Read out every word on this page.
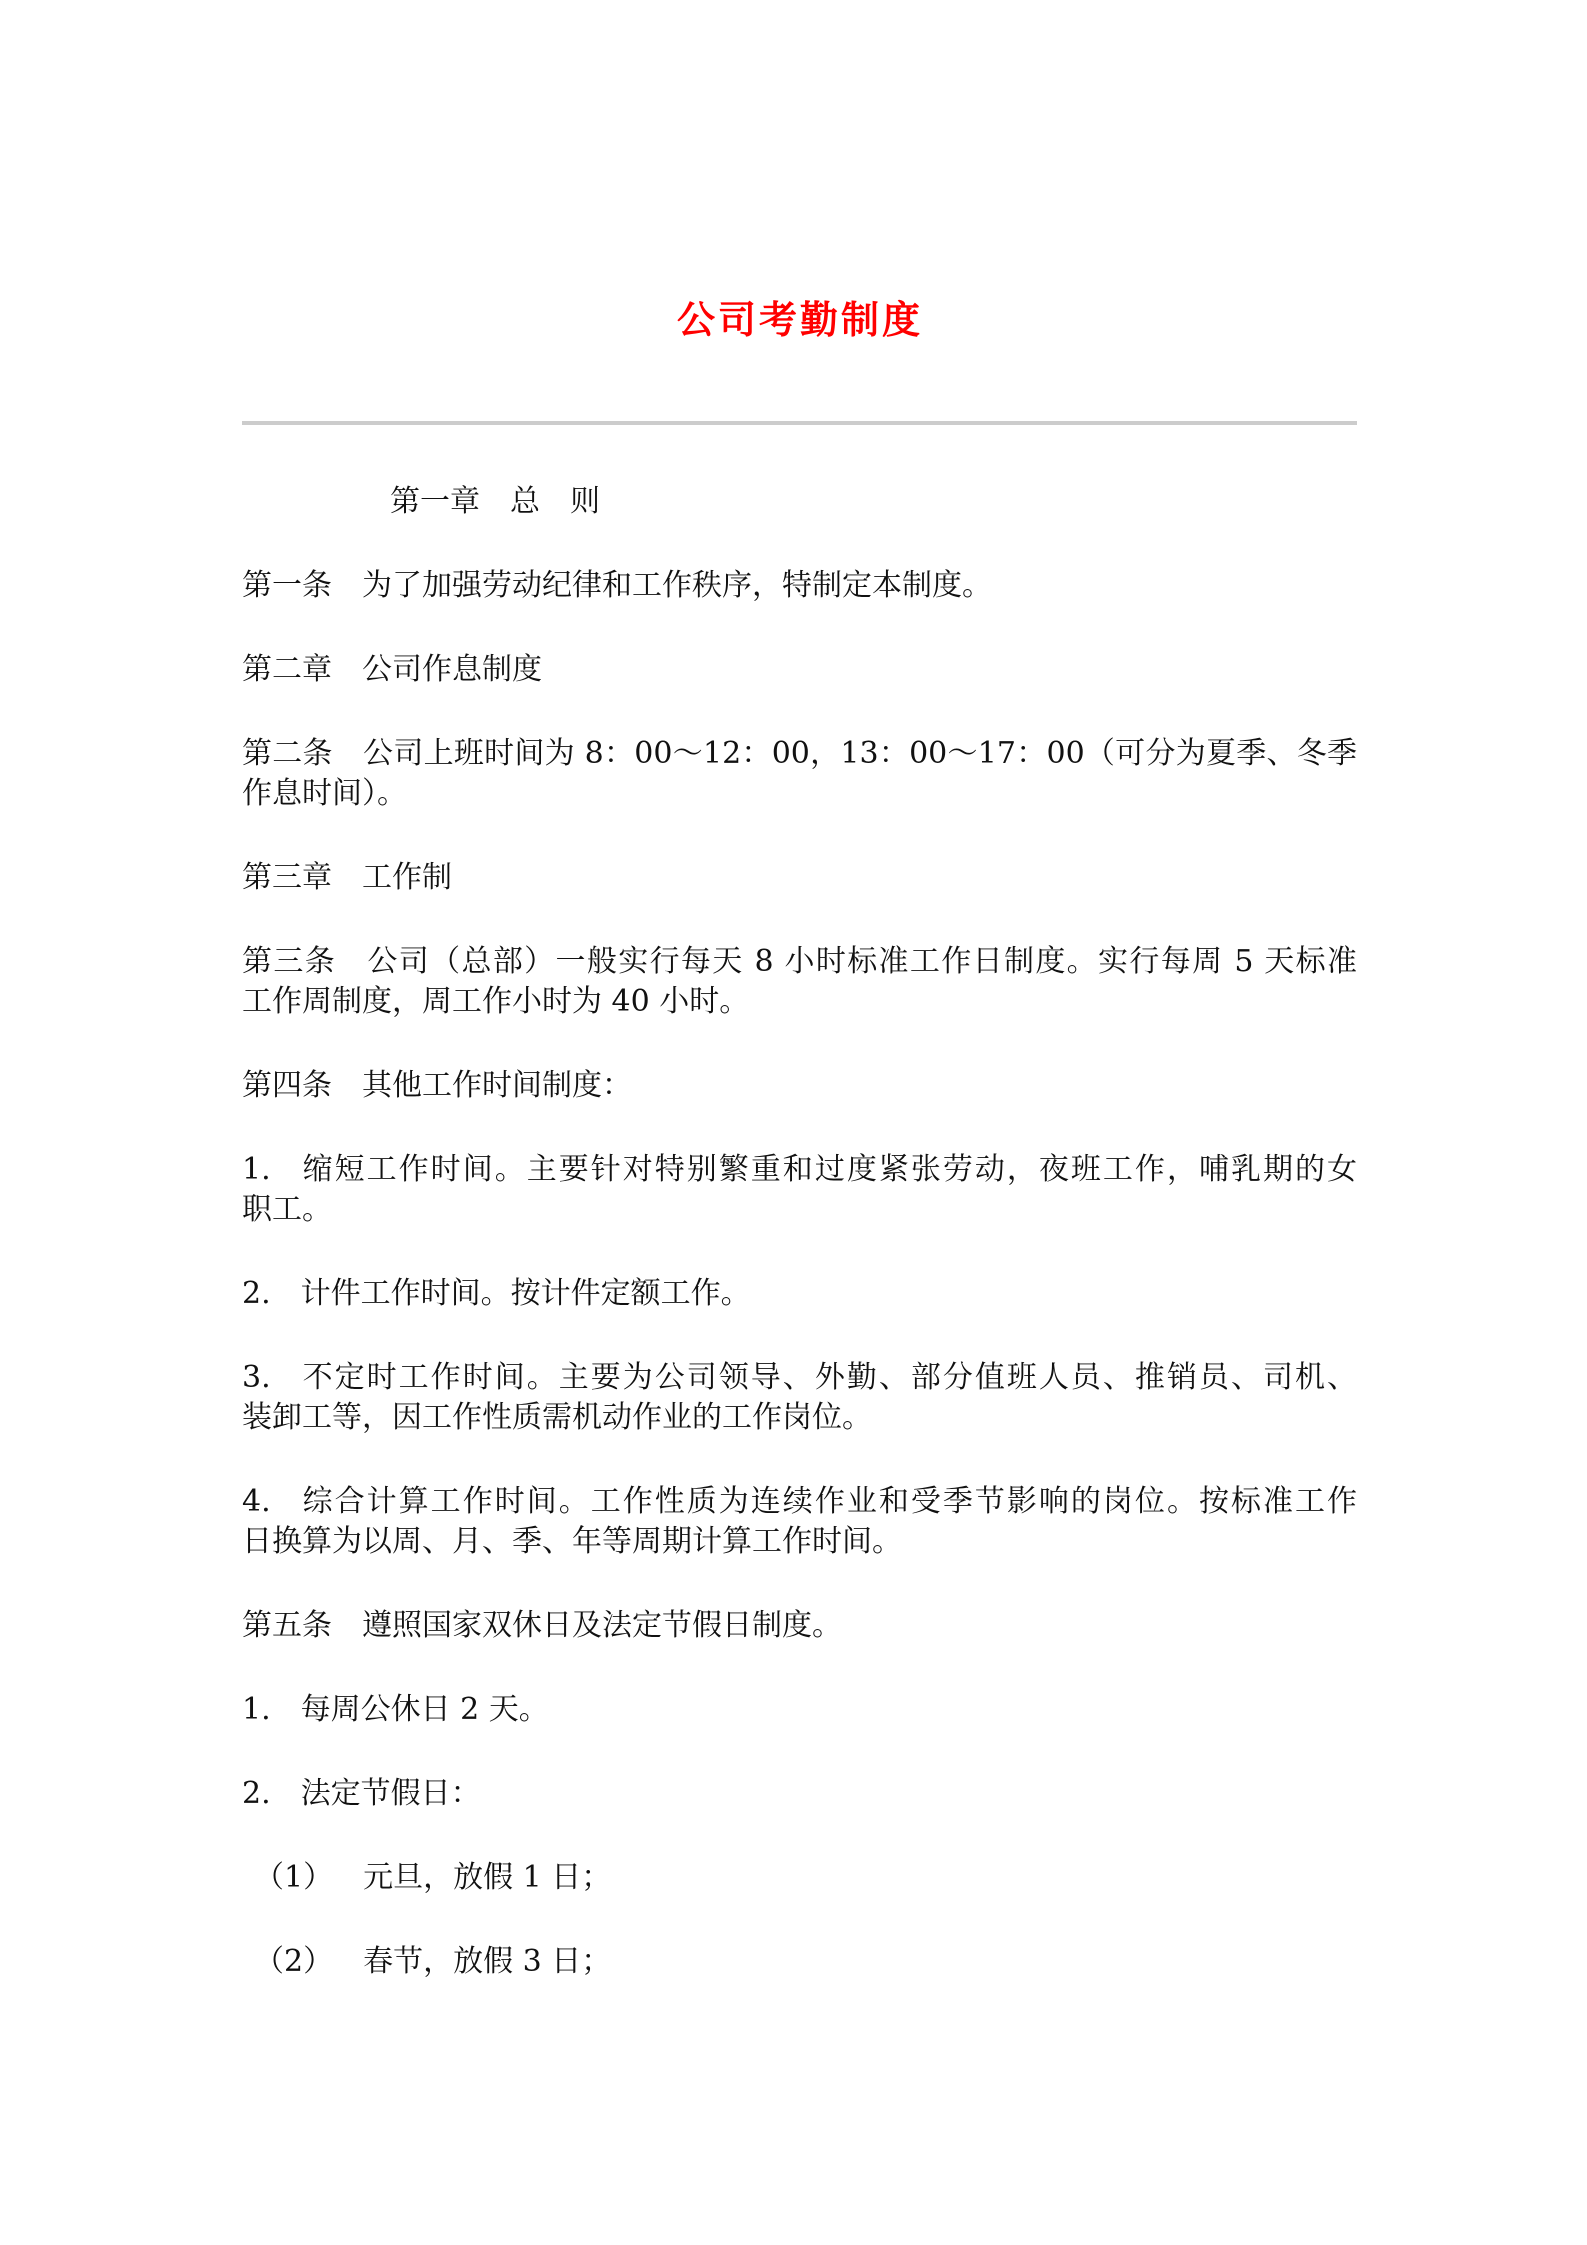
公司考勤制度
第一章 总　则
第一条 为了加强劳动纪律和工作秩序，特制定本制度。
第二章 公司作息制度
第二条 公司上班时间为 8：00～12：00，13：00～17：00（可分为夏季、冬季
作息时间）。
第三章 工作制
第三条 公司（总部）一般实行每天 8 小时标准工作日制度。实行每周 5 天标准
工作周制度，周工作小时为 40 小时。
第四条 其他工作时间制度：
1. 缩短工作时间。主要针对特别繁重和过度紧张劳动，夜班工作，哺乳期的女
职工。
2. 计件工作时间。按计件定额工作。
3. 不定时工作时间。主要为公司领导、外勤、部分值班人员、推销员、司机、
装卸工等，因工作性质需机动作业的工作岗位。
4. 综合计算工作时间。工作性质为连续作业和受季节影响的岗位。按标准工作
日换算为以周、月、季、年等周期计算工作时间。
第五条 遵照国家双休日及法定节假日制度。
1. 每周公休日 2 天。
2. 法定节假日：
（1） 元旦，放假 1 日；
（2） 春节，放假 3 日；
